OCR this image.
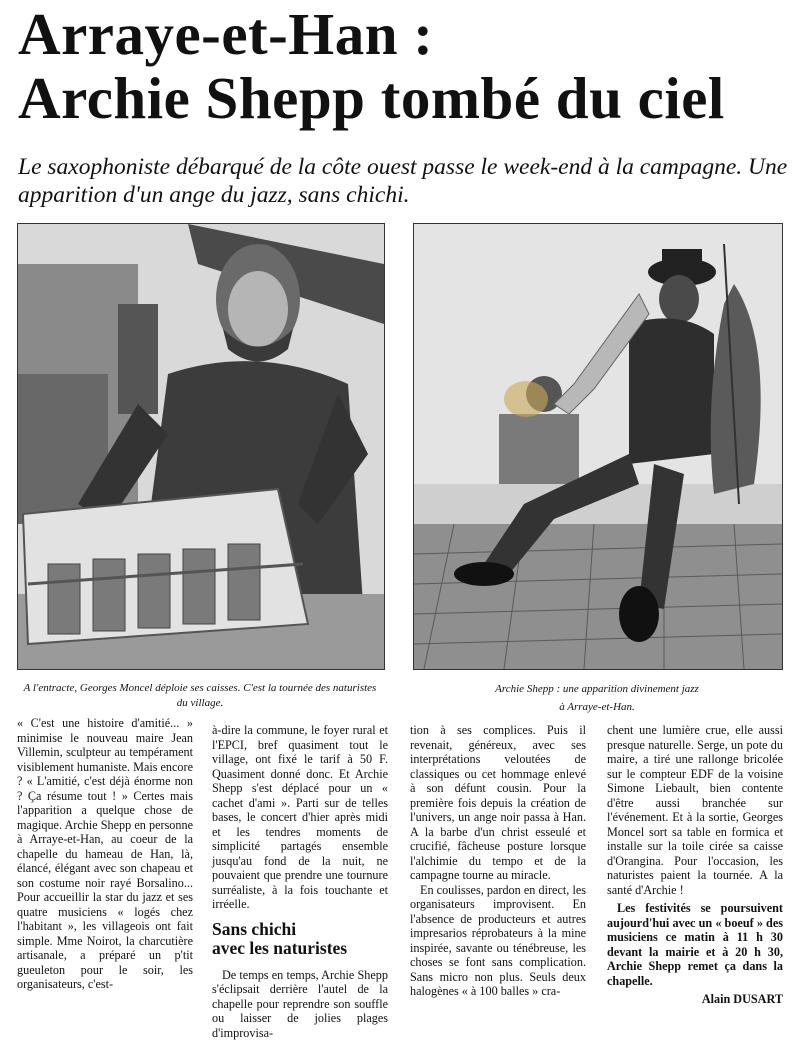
Arraye-et-Han :
Archie Shepp tombé du ciel

Le saxophoniste débarqué de la côte ouest passe le week-end à la campagne. Une apparition d'un ange du jazz, sans chichi.

A l'entracte, Georges Moncel déploie ses caisses. C'est la tournée des naturistes du village.
Archie Shepp : une apparition divinement jazz
à Arraye-et-Han.

« C'est une histoire d'amitié... » minimise le nouveau maire Jean Villemin, sculpteur au tempérament visiblement humaniste. Mais encore ? « L'amitié, c'est déjà énorme non ? Ça résume tout ! » Certes mais l'apparition a quelque chose de magique. Archie Shepp en personne à Arraye-et-Han, au coeur de la chapelle du hameau de Han, là, élancé, élégant avec son chapeau et son costume noir rayé Borsalino... Pour accueillir la star du jazz et ses quatre musiciens « logés chez l'habitant », les villageois ont fait simple. Mme Noirot, la charcutière artisanale, a préparé un p'tit gueuleton pour le soir, les organisateurs, c'est-

à-dire la commune, le foyer rural et l'EPCI, bref quasiment tout le village, ont fixé le tarif à 50 F. Quasiment donné donc. Et Archie Shepp s'est déplacé pour un « cachet d'ami ». Parti sur de telles bases, le concert d'hier après midi et les tendres moments de simplicité partagés ensemble jusqu'au fond de la nuit, ne pouvaient que prendre une tournure surréaliste, à la fois touchante et irréelle.

Sans chichi
avec les naturistes

De temps en temps, Archie Shepp s'éclipsait derrière l'autel de la chapelle pour reprendre son souffle ou laisser de jolies plages d'improvisa-

tion à ses complices. Puis il revenait, généreux, avec ses interprétations veloutées de classiques ou cet hommage enlevé à son défunt cousin. Pour la première fois depuis la création de l'univers, un ange noir passa à Han. A la barbe d'un christ esseulé et crucifié, fâcheuse posture lorsque l'alchimie du tempo et de la campagne tourne au miracle.

En coulisses, pardon en direct, les organisateurs improvisent. En l'absence de producteurs et autres impresarios réprobateurs à la mine inspirée, savante ou ténébreuse, les choses se font sans complication. Sans micro non plus. Seuls deux halogènes « à 100 balles » cra-

chent une lumière crue, elle aussi presque naturelle. Serge, un pote du maire, a tiré une rallonge bricolée sur le compteur EDF de la voisine Simone Liebault, bien contente d'être aussi branchée sur l'événement. Et à la sortie, Georges Moncel sort sa table en formica et installe sur la toile cirée sa caisse d'Orangina. Pour l'occasion, les naturistes paient la tournée. A la santé d'Archie !

Les festivités se poursuivent aujourd'hui avec un « boeuf » des musiciens ce matin à 11 h 30 devant la mairie et à 20 h 30, Archie Shepp remet ça dans la chapelle.

Alain DUSART
